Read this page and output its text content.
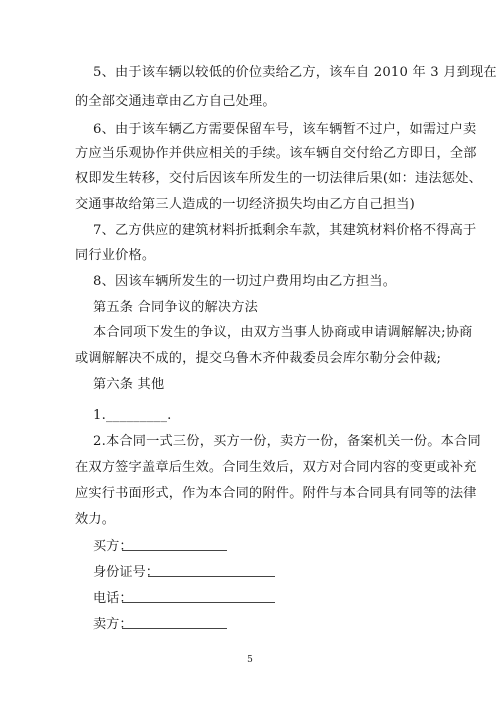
5、由于该车辆以较低的价位卖给乙方，该车自 2010 年 3 月到现在
的全部交通违章由乙方自己处理。
6、由于该车辆乙方需要保留车号，该车辆暂不过户，如需过户卖
方应当乐观协作并供应相关的手续。该车辆自交付给乙方即日，全部
权即发生转移，交付后因该车所发生的一切法律后果(如：违法惩处、
交通事故给第三人造成的一切经济损失均由乙方自己担当)
7、乙方供应的建筑材料折抵剩余车款，其建筑材料价格不得高于
同行业价格。
8、因该车辆所发生的一切过户费用均由乙方担当。
第五条 合同争议的解决方法
本合同项下发生的争议，由双方当事人协商或申请调解解决;协商
或调解解决不成的，提交乌鲁木齐仲裁委员会库尔勒分会仲裁;
第六条 其他
1._________.
2.本合同一式三份，买方一份，卖方一份，备案机关一份。本合同
在双方签字盖章后生效。合同生效后，双方对合同内容的变更或补充
应实行书面形式，作为本合同的附件。附件与本合同具有同等的法律
效力。
买方：
身份证号：
电话：
卖方：
5
